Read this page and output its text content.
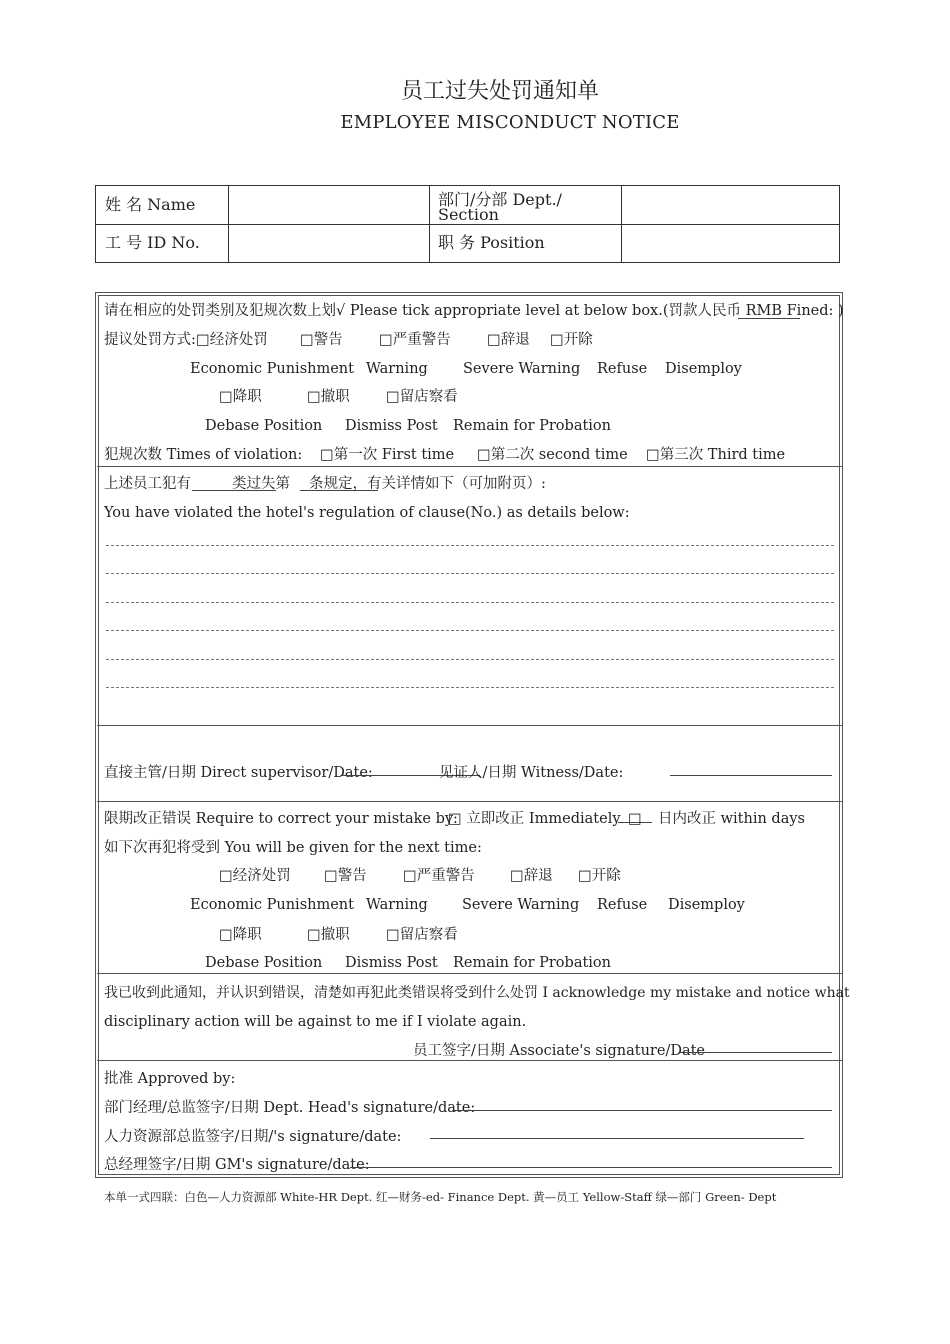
员工过失处罚通知单
EMPLOYEE MISCONDUCT NOTICE
姓 名 Name	部门/分部 Dept./
Section
工 号 ID No.	职 务 Position
请在相应的处罚类别及犯规次数上划√ Please tick appropriate level at below box.(罚款人民币 RMB Fined: )
提议处罚方式: □经济处罚 □警告	□严重警告	□辞退 □开除
Economic Punishment Warning Severe Warning Refuse Disemploy
□降职	□撤职	□留店察看
Debase Position Dismiss Post Remain for Probation
犯规次数 Times of violation: □第一次 First time □第二次 second time □第三次 Third time
上述员工犯有	类过失第 条规定，有关详情如下（可加附页）:
You have violated the hotel's regulation of clause(No.) as details below:
直接主管/日期 Direct supervisor/Date:	见证人/日期 Witness/Date:
限期改正错误 Require to correct your mistake by:
□ 立即改正 Immediately □ 日内改正 within days
如下次再犯将受到 You will be given for the next time:
□经济处罚 □警告	□严重警告 □辞退 □开除
Economic Punishment Warning Severe Warning Refuse Disemploy
□降职	□撤职	□留店察看
Debase Position Dismiss Post Remain for Probation
我已收到此通知，并认识到错误，清楚如再犯此类错误将受到什么处罚 I acknowledge my mistake and notice what
disciplinary action will be against to me if I violate again.
员工签字/日期 Associate's signature/Date
批准 Approved by:
部门经理/总监签字/日期 Dept. Head's signature/date:
人力资源部总监签字/日期/'s signature/date:
总经理签字/日期 GM's signature/date:
本单一式四联：白色—人力资源部 White-HR Dept. 红—财务-ed- Finance Dept. 黄—员工 Yellow-Staff 绿—部门 Green- Dept
